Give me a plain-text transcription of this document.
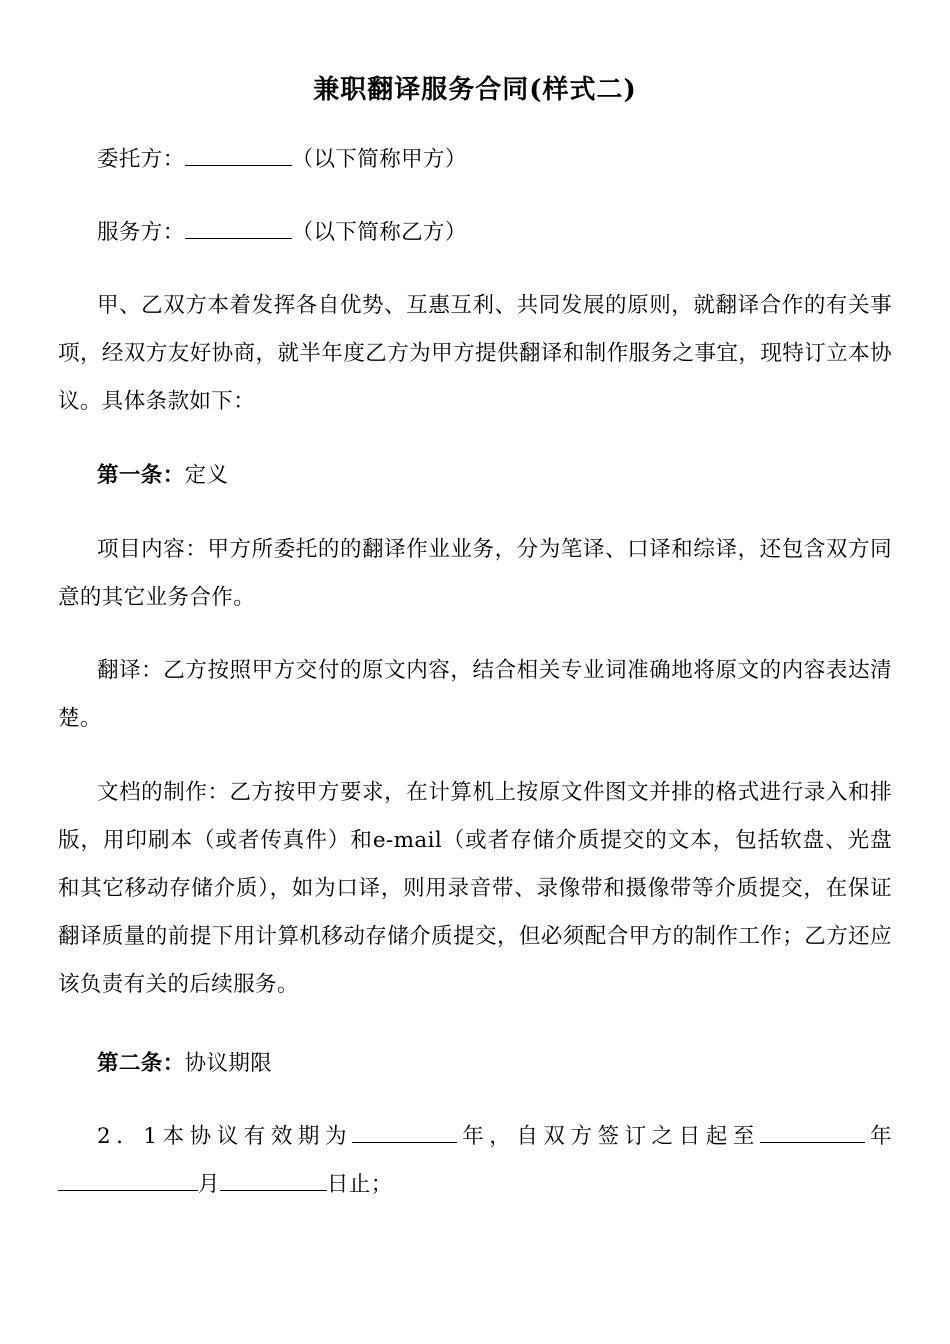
兼职翻译服务合同(样式二)

委托方：	（以下简称甲方）

服务方：	（以下简称乙方）

甲、乙双方本着发挥各自优势、互惠互利、共同发展的原则，就翻译合作的有关事项，经双方友好协商，就半年度乙方为甲方提供翻译和制作服务之事宜，现特订立本协议。具体条款如下：

第一条：定义

项目内容：甲方所委托的的翻译作业业务，分为笔译、口译和综译，还包含双方同意的其它业务合作。

翻译：乙方按照甲方交付的原文内容，结合相关专业词准确地将原文的内容表达清楚。

文档的制作：乙方按甲方要求，在计算机上按原文件图文并排的格式进行录入和排版，用印刷本（或者传真件）和e-mail（或者存储介质提交的文本，包括软盘、光盘和其它移动存储介质），如为口译，则用录音带、录像带和摄像带等介质提交，在保证翻译质量的前提下用计算机移动存储介质提交，但必须配合甲方的制作工作；乙方还应该负责有关的后续服务。

第二条：协议期限

2．1本协议有效期为	年，自双方签订之日起至	年月	日止；
